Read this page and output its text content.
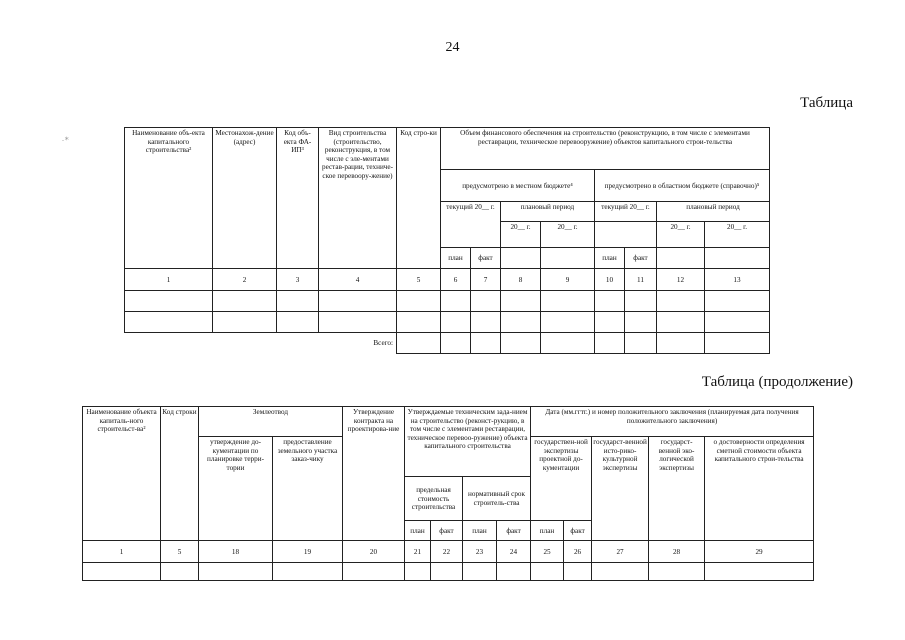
24
Таблица
.∗
Наименование объ-екта капитального строительства²	Местонахож-дение (адрес)	Код объ-екта ФА-ИП³	Вид строительства (строительство, реконструкция, в том числе с эле-ментами рестав-рации, техниче-ское перевоору-жение)	Код стро-ки	Объем финансового обеспечения на строительство (реконструкцию, в том числе с элементами реставрации, техническое перевооружение) объектов капитального строи-тельства							
					предусмотрено в местном бюджете⁴				предусмотрено в областном бюджете (справочно)⁵			
					текущий 20__ г.		плановый период		текущий 20__ г.		плановый период	
							20__ г.	20__ г.			20__ г.	20__ г.
					план	факт			план	факт		
1	2	3	4	5	6	7	8	9	10	11	12	13

Всего:												
Таблица (продолжение)
Наименование объекта капиталь-ного строительст-ва²	Код строки	Землеотвод		Утверждение контракта на проектирова-ние	Утверждаемые техническим зада-нием на строительство (реконст-рукцию, в том числе с элементами реставрации, техническое перевоо-ружение) объекта капитального строительства				Дата (мм.ггтг.) и номер положительного заключения (планируемая дата получения положительного заключения)				
		утверждение до-кументации по планировке терри-тории	предоставление земельного участка заказ-чику						государствен-ной экспертизы проектной до-кументации		государст-венной исто-рико-культурной экспертизы	государст-венной эко-логической экспертизы	о достоверности определения сметной стоимости объекта капитального строи-тельства
					предельная стоимость строительства		нормативный срок строитель-ства						
					план	факт	план	факт	план	факт			
1	5	18	19	20	21	22	23	24	25	26	27	28	29
